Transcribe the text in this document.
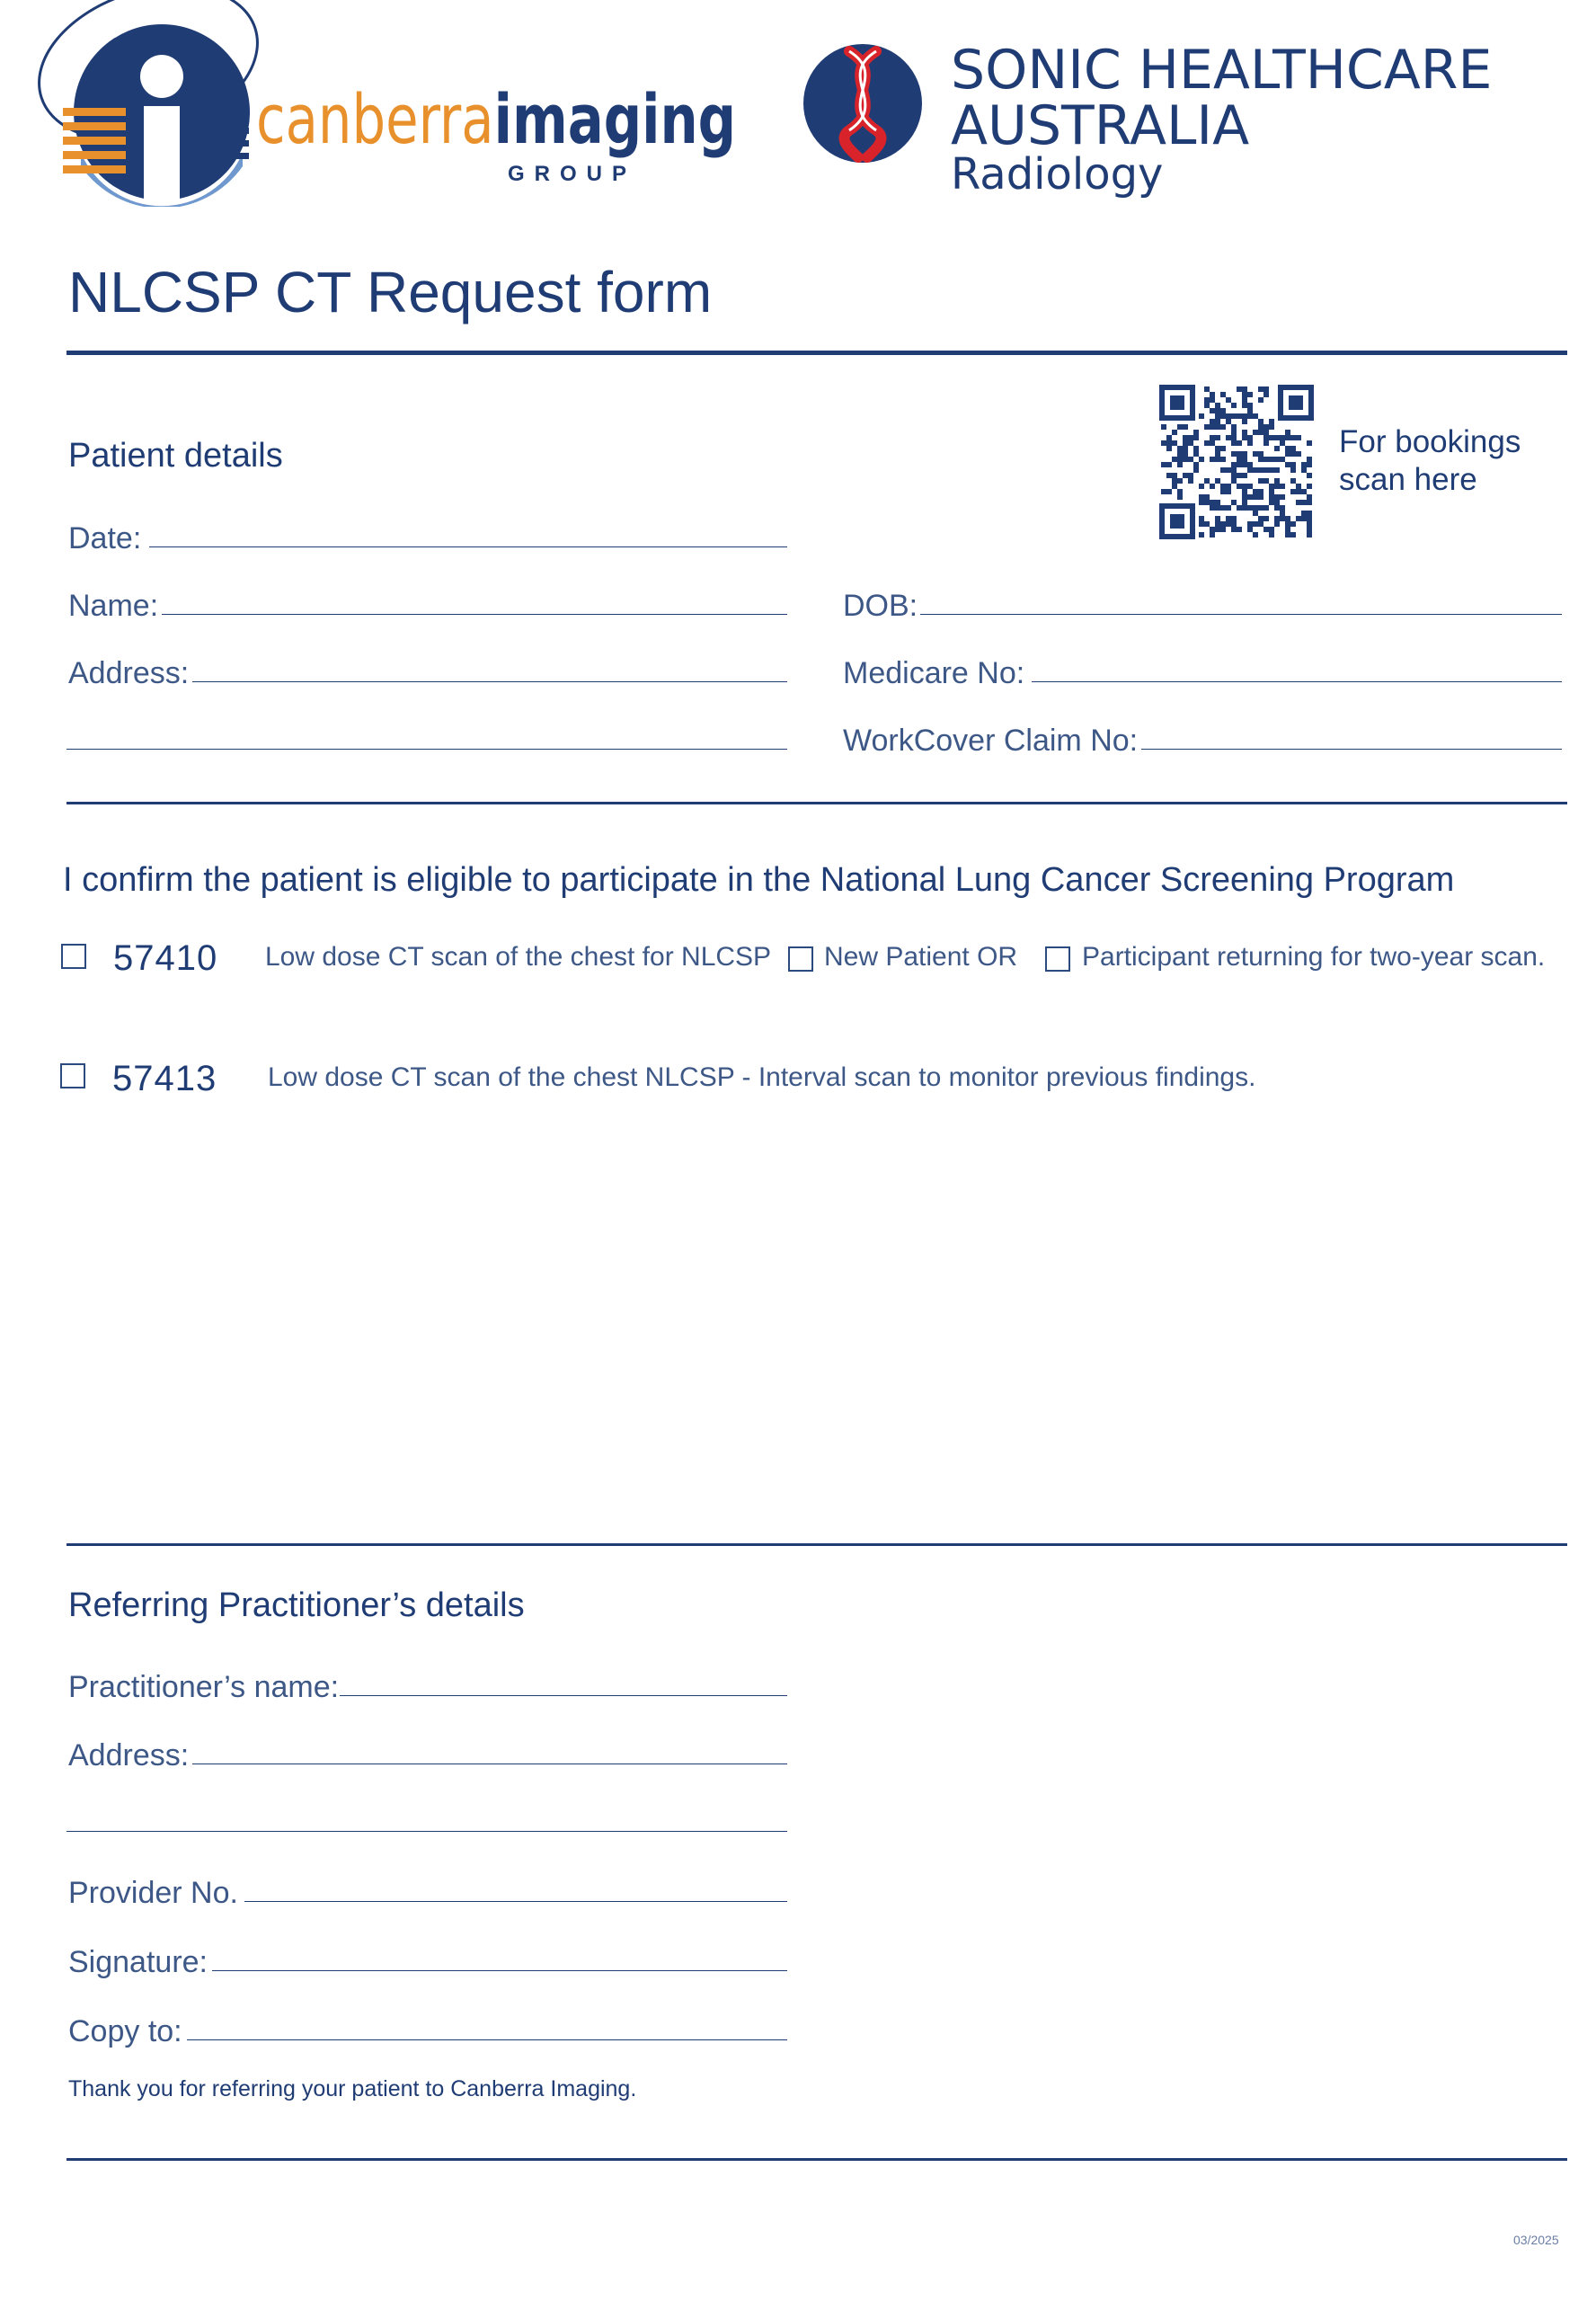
canberraimaging
GROUP
SONIC HEALTHCARE
AUSTRALIA
Radiology
NLCSP CT Request form
For bookings
scan here
Patient details
Date:
Name:	DOB:
Address:	Medicare No:
WorkCover Claim No:
I confirm the patient is eligible to participate in the National Lung Cancer Screening Program
57410 Low dose CT scan of the chest for NLCSP New Patient OR Participant returning for two-year scan.
57413 Low dose CT scan of the chest NLCSP - Interval scan to monitor previous findings.
Referring Practitioner’s details
Practitioner’s name:
Address:
Provider No.
Signature:
Copy to:
Thank you for referring your patient to Canberra Imaging.
03/2025
